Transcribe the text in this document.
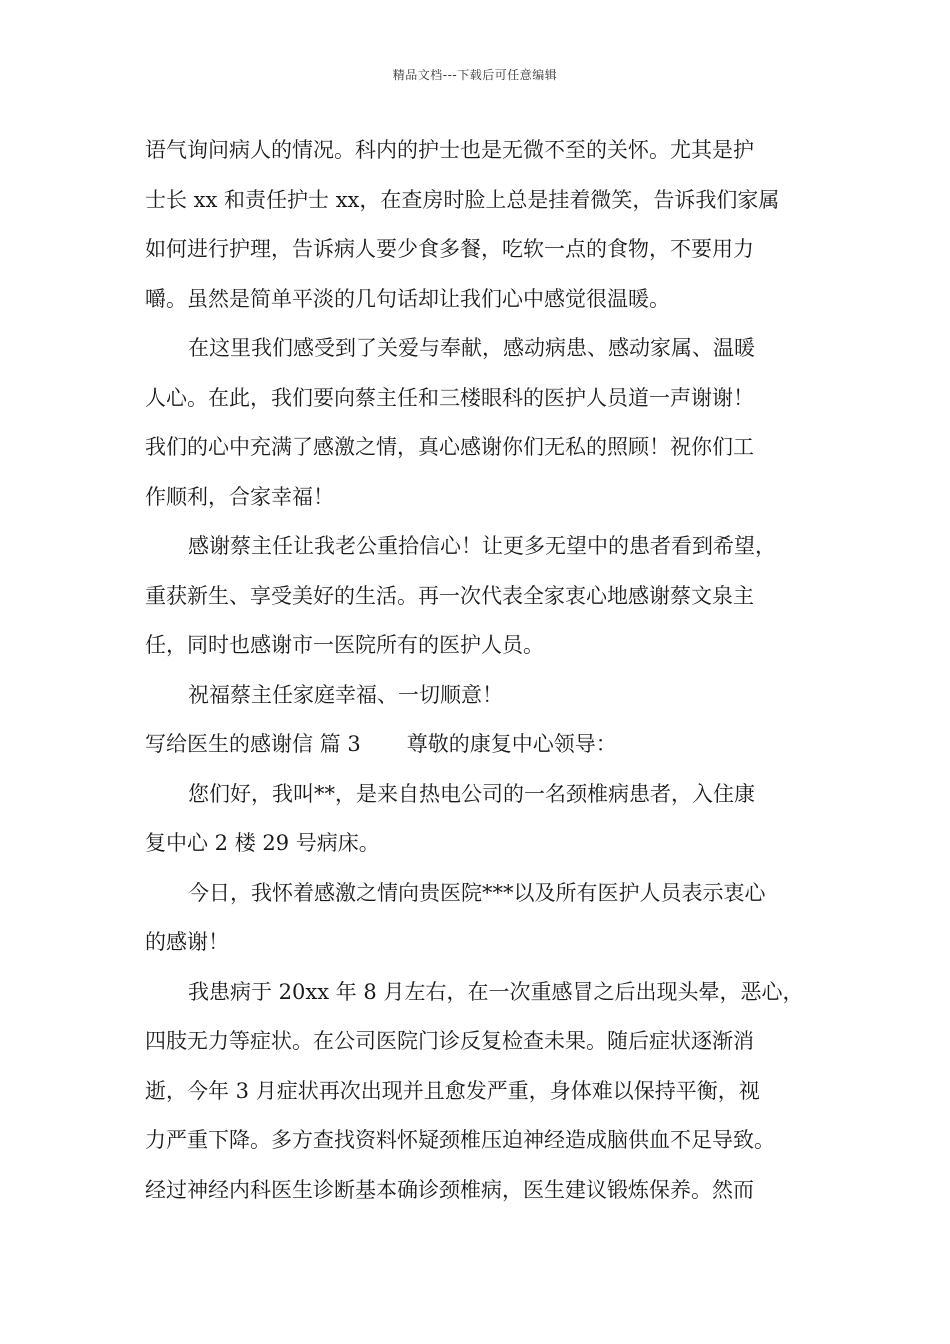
精品文档---下载后可任意编辑
语气询问病人的情况。科内的护士也是无微不至的关怀。尤其是护
士长 xx 和责任护士 xx，在查房时脸上总是挂着微笑，告诉我们家属
如何进行护理，告诉病人要少食多餐，吃软一点的食物，不要用力
嚼。虽然是简单平淡的几句话却让我们心中感觉很温暖。
在这里我们感受到了关爱与奉献，感动病患、感动家属、温暖
人心。在此，我们要向蔡主任和三楼眼科的医护人员道一声谢谢！
我们的心中充满了感激之情，真心感谢你们无私的照顾！祝你们工
作顺利，合家幸福！
感谢蔡主任让我老公重拾信心！让更多无望中的患者看到希望，
重获新生、享受美好的生活。再一次代表全家衷心地感谢蔡文泉主
任，同时也感谢市一医院所有的医护人员。
祝福蔡主任家庭幸福、一切顺意！
写给医生的感谢信 篇 3 尊敬的康复中心领导：
您们好，我叫**，是来自热电公司的一名颈椎病患者，入住康
复中心 2 楼 29 号病床。
今日，我怀着感激之情向贵医院***以及所有医护人员表示衷心
的感谢！
我患病于 20xx 年 8 月左右，在一次重感冒之后出现头晕，恶心，
四肢无力等症状。在公司医院门诊反复检查未果。随后症状逐渐消
逝，今年 3 月症状再次出现并且愈发严重，身体难以保持平衡，视
力严重下降。多方查找资料怀疑颈椎压迫神经造成脑供血不足导致。
经过神经内科医生诊断基本确诊颈椎病，医生建议锻炼保养。然而
